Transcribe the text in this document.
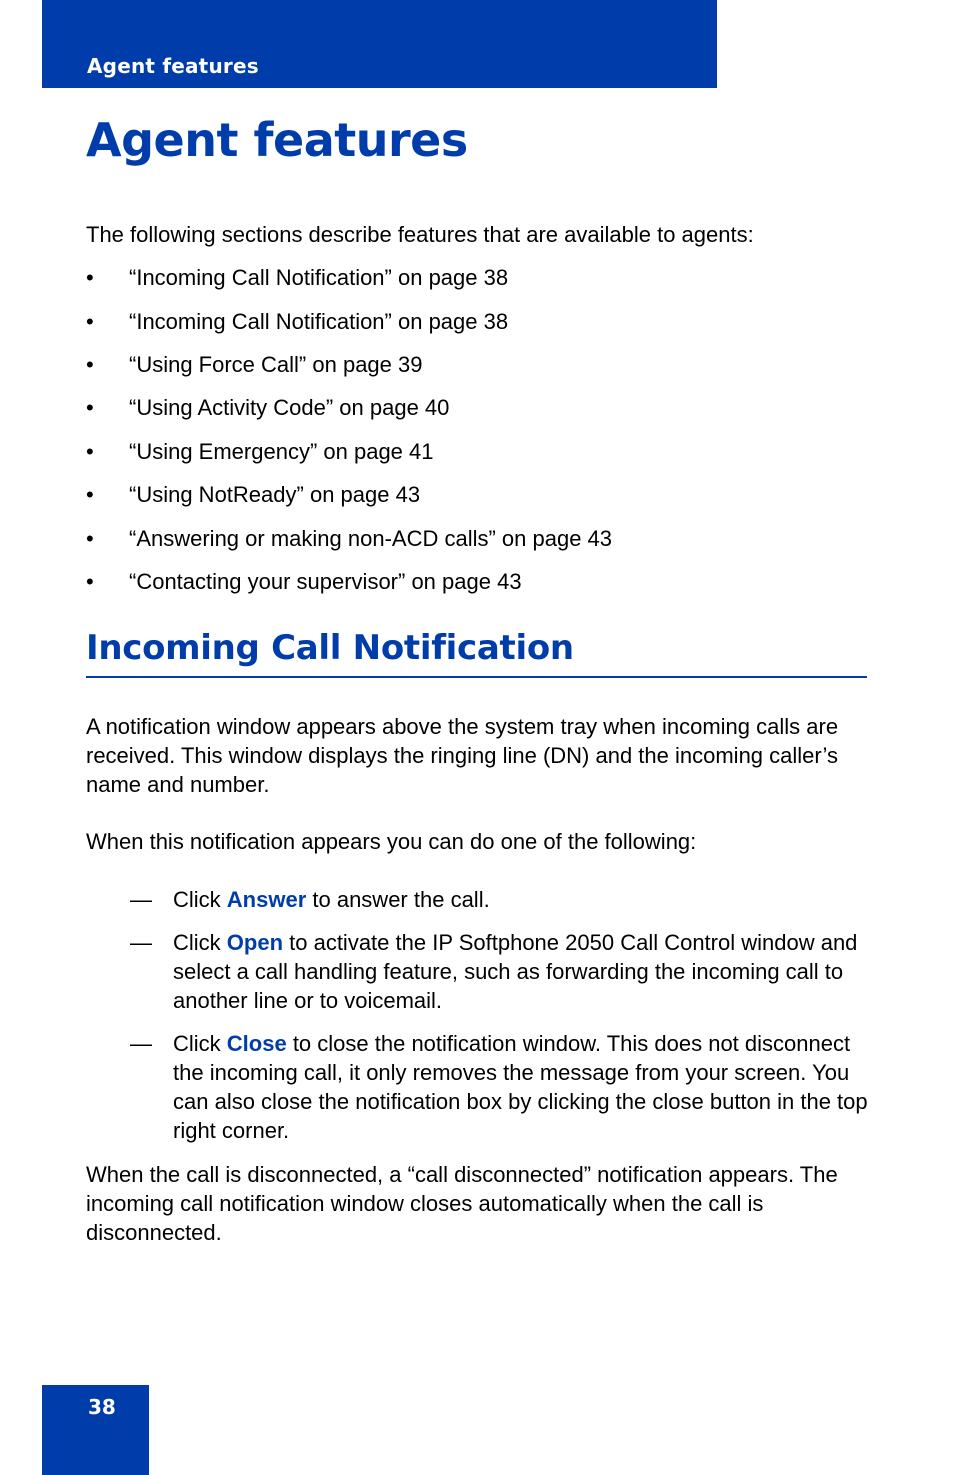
Agent features
Agent features
The following sections describe features that are available to agents:
• “Incoming Call Notification” on page 38
• “Incoming Call Notification” on page 38
• “Using Force Call” on page 39
• “Using Activity Code” on page 40
• “Using Emergency” on page 41
• “Using NotReady” on page 43
• “Answering or making non-ACD calls” on page 43
• “Contacting your supervisor” on page 43
Incoming Call Notification
A notification window appears above the system tray when incoming calls are received. This window displays the ringing line (DN) and the incoming caller’s name and number.
When this notification appears you can do one of the following:
— Click Answer to answer the call.
— Click Open to activate the IP Softphone 2050 Call Control window and select a call handling feature, such as forwarding the incoming call to another line or to voicemail.
— Click Close to close the notification window. This does not disconnect the incoming call, it only removes the message from your screen. You can also close the notification box by clicking the close button in the top right corner.
When the call is disconnected, a “call disconnected” notification appears. The incoming call notification window closes automatically when the call is disconnected.
38
